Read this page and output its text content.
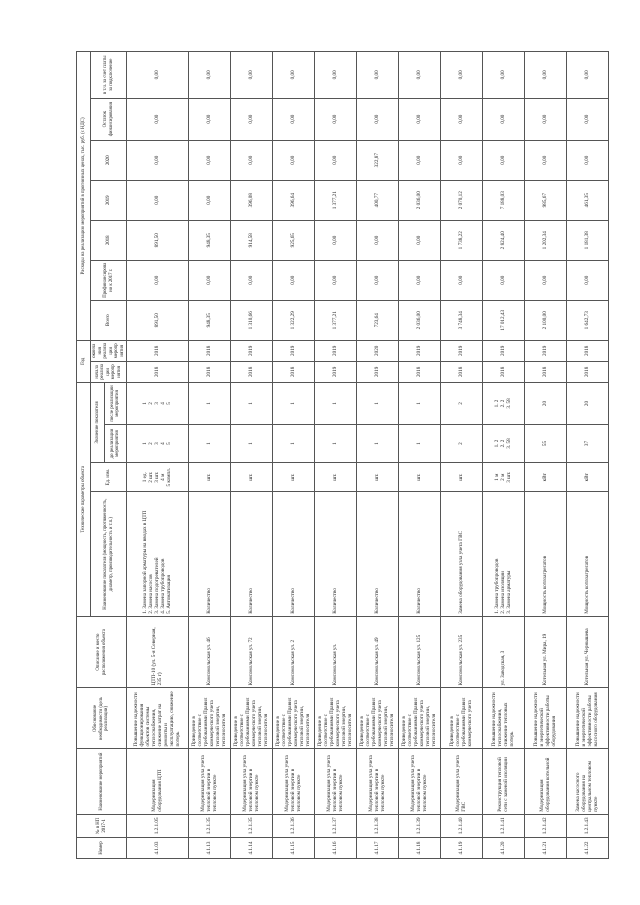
Номер	№ в НП 2017-1	Наименование мероприятий	Обоснование необходимости (цель реализации)	Описание и место расположения объекта	Технические параметры объекта				Год		Расходы на реализацию мероприятий в прогнозных ценах, тыс. руб. (с НДС)						
					Наименование показателя (мощность, протяженность, диаметр, производительность и т.п.)	Ед. изм.	Значение показателя		начала реализации мероприятия	окончания реализации мероприятия	Всего	Профинансировано к 2017 г.	2018	2019	2020	Остаток финансирования	в т.ч. за счет платы за подключение
							до реализации мероприятия	после реализации мероприятия									
4.1.03	1.2.1.05	Модернизация оборудования ЦТП	Повышение надежности функционирования объектов системы теплоснабжения, снижение затрат на ремонты и эксплуатацию, снижение потерь	ЦТП-10 (ул. 5-я Северная, 235 г)	1. Замена запорной арматуры на вводах в ЦТП
2. Замена насосов
3. Замена подогревателей
4. Замена трубопроводов
5. Автоматизация	1 ед.
2 шт.
3 шт.
4 м
5 компл.	1
2
3
4
5	1
2
3
4
5	2018	2018	891,50	0,00	891,50	0,00	0,00	0,00	0,00
4.1.13	1.2.1.35	Модернизация узла учета тепловой энергии в тепловом пункте	Приведение в соответствие с требованиями Правил коммерческого учета тепловой энергии, теплоносителя	Комсомольская ул. 46	Количество	шт.	1	1	2018	2018	948,35	0,00	948,35	0,00	0,00	0,00	0,00
4.1.14	1.2.1.35	Модернизация узла учета тепловой энергии в тепловом пункте	Приведение в соответствие с требованиями Правил коммерческого учета тепловой энергии, теплоносителя	Комсомольская ул. 72	Количество	шт.	1	1	2018	2019	1 310,66	0,00	914,58	396,08	0,00	0,00	0,00
4.1.15	1.2.1.36	Модернизация узла учета тепловой энергии в тепловом пункте	Приведение в соответствие с требованиями Правил коммерческого учета тепловой энергии, теплоносителя	Комсомольская ул. 2	Количество	шт.	1	1	2018	2019	1 322,29	0,00	925,65	396,64	0,00	0,00	0,00
4.1.16	1.2.1.37	Модернизация узла учета тепловой энергии в тепловом пункте	Приведение в соответствие с требованиями Правил коммерческого учета тепловой энергии, теплоносителя	Комсомольская ул.	Количество	шт.	1	1	2019	2019	1 377,21	0,00	0,00	1 377,21	0,00	0,00	0,00
4.1.17	1.2.1.38	Модернизация узла учета тепловой энергии в тепловом пункте	Приведение в соответствие с требованиями Правил коммерческого учета тепловой энергии, теплоносителя	Комсомольская ул. 49	Количество	шт.	1	1	2019	2020	723,64	0,00	0,00	400,77	322,87	0,00	0,00
4.1.18	1.2.1.39	Модернизация узла учета тепловой энергии в тепловом пункте	Приведение в соответствие с требованиями Правил коммерческого учета тепловой энергии, теплоносителя	Комсомольская ул. 125	Количество	шт.	1	1	2018	2019	2 036,00	0,00	0,00	2 036,00	0,00	0,00	0,00
4.1.19	1.2.1.40	Модернизация узла учета ГВС	Приведение в соответствие с требованиями Правил коммерческого учета	Комсомольская ул. 235	Замена оборудования узла учета ГВС	шт.	2	2	2018	2019	3 748,34	0,00	1 738,22	2 070,12	0,00	0,00	0,00
4.1.20	1.2.1.41	Реконструкция тепловой сети с заменой изоляции	Повышение надежности теплоснабжения, снижение тепловых потерь	ул. Заводская, 3	1. Замена трубопроводов
2. Замена изоляции
3. Замена арматуры	1 м
2 м
3 шт.	1. 2
2. 2
3. 58	1. 2
2. 2
3. 58	2018	2019	17 012,43	0,00	2 824,40	7 188,03	0,00	0,00	0,00
4.1.21	1.2.1.42	Модернизация оборудования котельной	Повышение надежности и энергетической эффективности работы оборудования	Котельная ул. Мира, 19	Мощность котлоагрегатов	кВт	55	20	2018	2019	2 100,00	0,00	1 202,34	985,67	0,00	0,00	0,00
4.1.22	1.2.1.43	Замена насосного оборудования на центральном тепловом пункте	Повышение надежности и энергетической эффективности работы насосного оборудования	Котельная ул. Чернышева	Мощность котлоагрегатов	кВт	37	20	2018	2018	1 642,73	0,00	1 181,38	461,35	0,00	0,00	0,00
